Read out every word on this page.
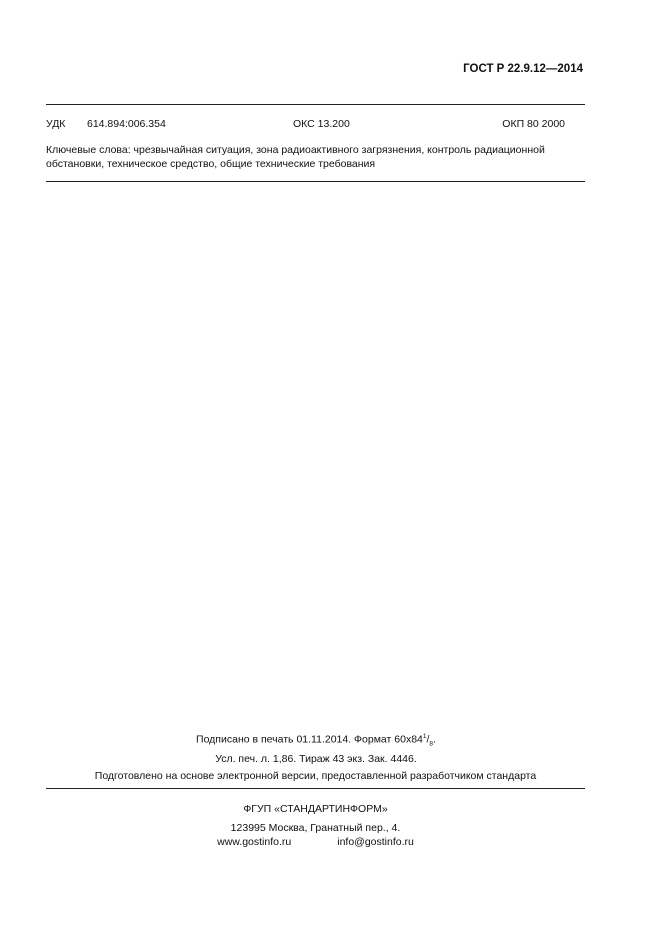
ГОСТ Р 22.9.12—2014
УДК 614.894:006.354	ОКС 13.200	ОКП 80 2000
Ключевые слова: чрезвычайная ситуация, зона радиоактивного загрязнения, контроль радиационной обстановки, техническое средство, общие технические требования
Подписано в печать 01.11.2014. Формат $60x84^1/_8$.
Усл. печ. л. 1,86. Тираж 43 экз. Зак. 4446.
Подготовлено на основе электронной версии, предоставленной разработчиком стандарта
ФГУП «СТАНДАРТИНФОРМ»
123995 Москва, Гранатный пер., 4.
www.gostinfo.ru	info@gostinfo.ru
